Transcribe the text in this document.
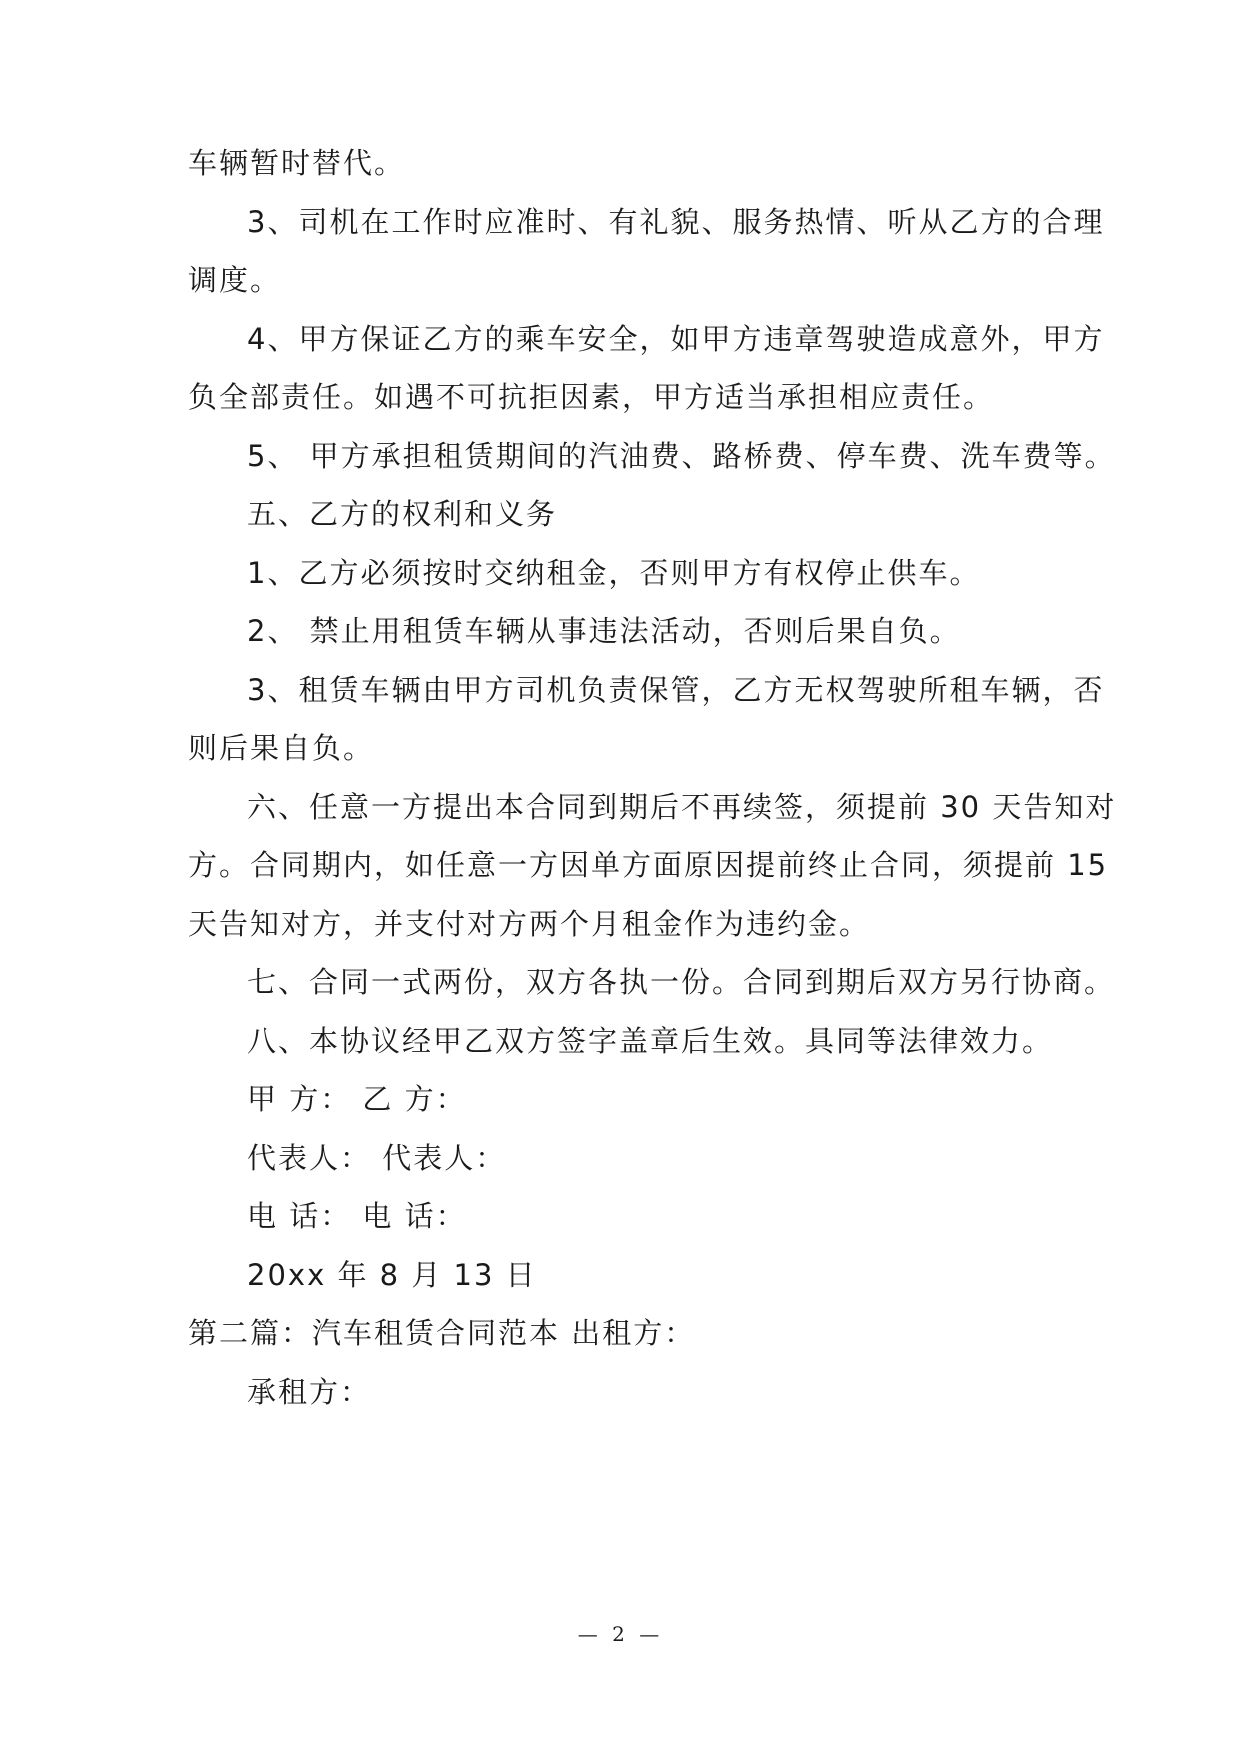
车辆暂时替代。

3、司机在工作时应准时、有礼貌、服务热情、听从乙方的合理

调度。

4、甲方保证乙方的乘车安全，如甲方违章驾驶造成意外，甲方

负全部责任。如遇不可抗拒因素，甲方适当承担相应责任。

5、 甲方承担租赁期间的汽油费、路桥费、停车费、洗车费等。

五、乙方的权利和义务

1、乙方必须按时交纳租金，否则甲方有权停止供车。

2、 禁止用租赁车辆从事违法活动，否则后果自负。

3、租赁车辆由甲方司机负责保管，乙方无权驾驶所租车辆，否

则后果自负。

六、任意一方提出本合同到期后不再续签，须提前 30 天告知对

方。合同期内，如任意一方因单方面原因提前终止合同，须提前 15

天告知对方，并支付对方两个月租金作为违约金。

七、合同一式两份，双方各执一份。合同到期后双方另行协商。

八、本协议经甲乙双方签字盖章后生效。具同等法律效力。

甲 方： 乙 方：

代表人： 代表人：

电 话： 电 话：

20xx 年 8 月 13 日

第二篇：汽车租赁合同范本 出租方：

承租方：

— 2 —
